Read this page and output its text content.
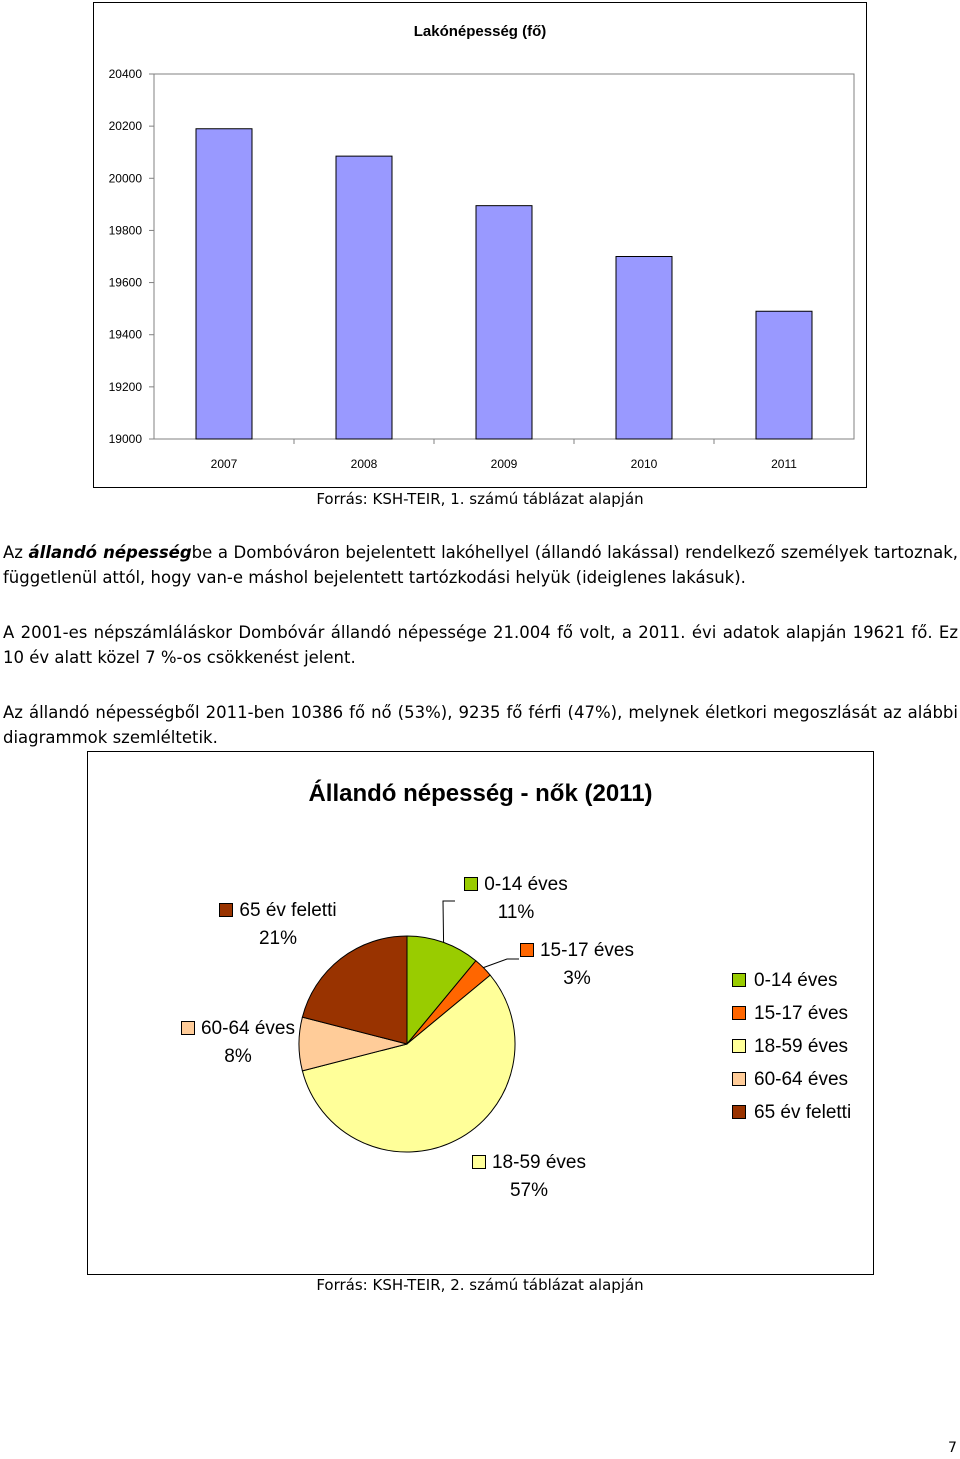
Lakónépesség (fő)
19000
19200
19400
19600
19800
20000
20200
20400
2007	2008	2009	2010	2011
Forrás: KSH-TEIR, 1. számú táblázat alapján
Az állandó népességbe a Dombóváron bejelentett lakóhellyel (állandó lakással) rendelkező személyek tartoznak, függetlenül attól, hogy van-e máshol bejelentett tartózkodási helyük (ideiglenes lakásuk).
A 2001-es népszámláláskor Dombóvár állandó népessége 21.004 fő volt, a 2011. évi adatok alapján 19621 fő. Ez 10 év alatt közel 7 %-os csökkenést jelent.
Az állandó népességből 2011-ben 10386 fő nő (53%), 9235 fő férfi (47%), melynek életkori megoszlását az alábbi diagrammok szemléltetik.
Állandó népesség - nők (2011)
0-14 éves
11%
15-17 éves
3%
18-59 éves
57%
60-64 éves
8%
65 év feletti
21%
0-14 éves
15-17 éves
18-59 éves
60-64 éves
65 év feletti
Forrás: KSH-TEIR, 2. számú táblázat alapján
7
